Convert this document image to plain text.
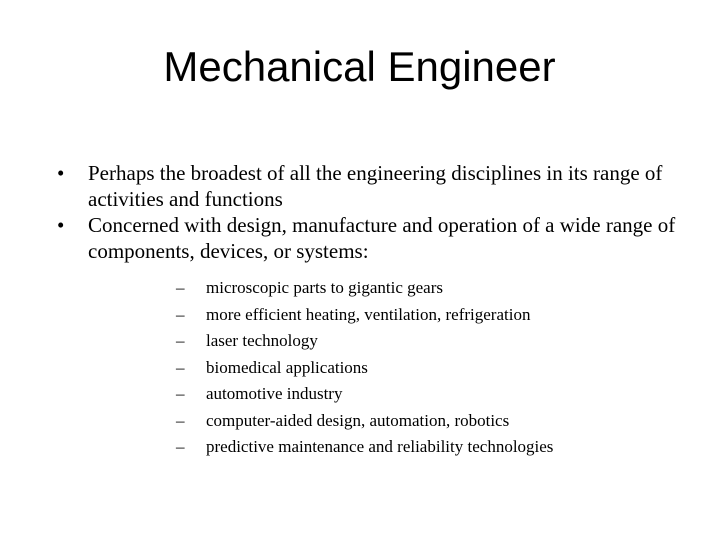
Mechanical Engineer
• Perhaps the broadest of all the engineering disciplines in its range of activities and functions
• Concerned with design, manufacture and operation of a wide range of components, devices, or systems:
– microscopic parts to gigantic gears
– more efficient heating, ventilation, refrigeration
– laser technology
– biomedical applications
– automotive industry
– computer-aided design, automation, robotics
– predictive maintenance and reliability technologies
